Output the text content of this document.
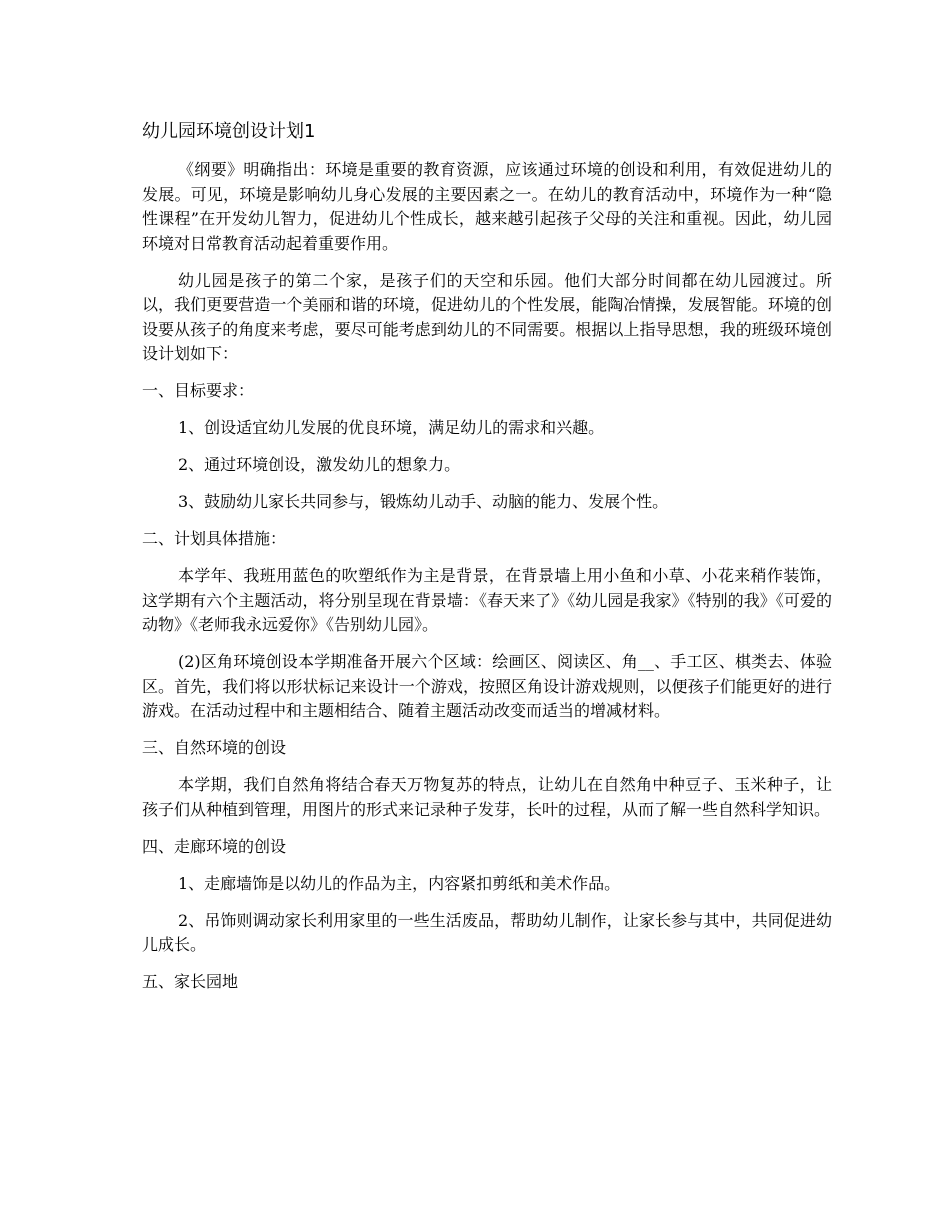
幼儿园环境创设计划1

《纲要》明确指出：环境是重要的教育资源，应该通过环境的创设和利用，有效促进幼儿的发展。可见，环境是影响幼儿身心发展的主要因素之一。在幼儿的教育活动中，环境作为一种“隐性课程”在开发幼儿智力，促进幼儿个性成长，越来越引起孩子父母的关注和重视。因此，幼儿园环境对日常教育活动起着重要作用。

幼儿园是孩子的第二个家，是孩子们的天空和乐园。他们大部分时间都在幼儿园渡过。所以，我们更要营造一个美丽和谐的环境，促进幼儿的个性发展，能陶冶情操，发展智能。环境的创设要从孩子的角度来考虑，要尽可能考虑到幼儿的不同需要。根据以上指导思想，我的班级环境创设计划如下：

一、目标要求：

1、创设适宜幼儿发展的优良环境，满足幼儿的需求和兴趣。

2、通过环境创设，激发幼儿的想象力。

3、鼓励幼儿家长共同参与，锻炼幼儿动手、动脑的能力、发展个性。

二、计划具体措施：

本学年、我班用蓝色的吹塑纸作为主是背景，在背景墙上用小鱼和小草、小花来稍作装饰，这学期有六个主题活动，将分别呈现在背景墙：《春天来了》《幼儿园是我家》《特别的我》《可爱的动物》《老师我永远爱你》《告别幼儿园》。

(2)区角环境创设本学期准备开展六个区域：绘画区、阅读区、角__、手工区、棋类去、体验区。首先，我们将以形状标记来设计一个游戏，按照区角设计游戏规则，以便孩子们能更好的进行游戏。在活动过程中和主题相结合、随着主题活动改变而适当的增减材料。

三、自然环境的创设

本学期，我们自然角将结合春天万物复苏的特点，让幼儿在自然角中种豆子、玉米种子，让孩子们从种植到管理，用图片的形式来记录种子发芽，长叶的过程，从而了解一些自然科学知识。

四、走廊环境的创设

1、走廊墙饰是以幼儿的作品为主，内容紧扣剪纸和美术作品。

2、吊饰则调动家长利用家里的一些生活废品，帮助幼儿制作，让家长参与其中，共同促进幼儿成长。

五、家长园地
